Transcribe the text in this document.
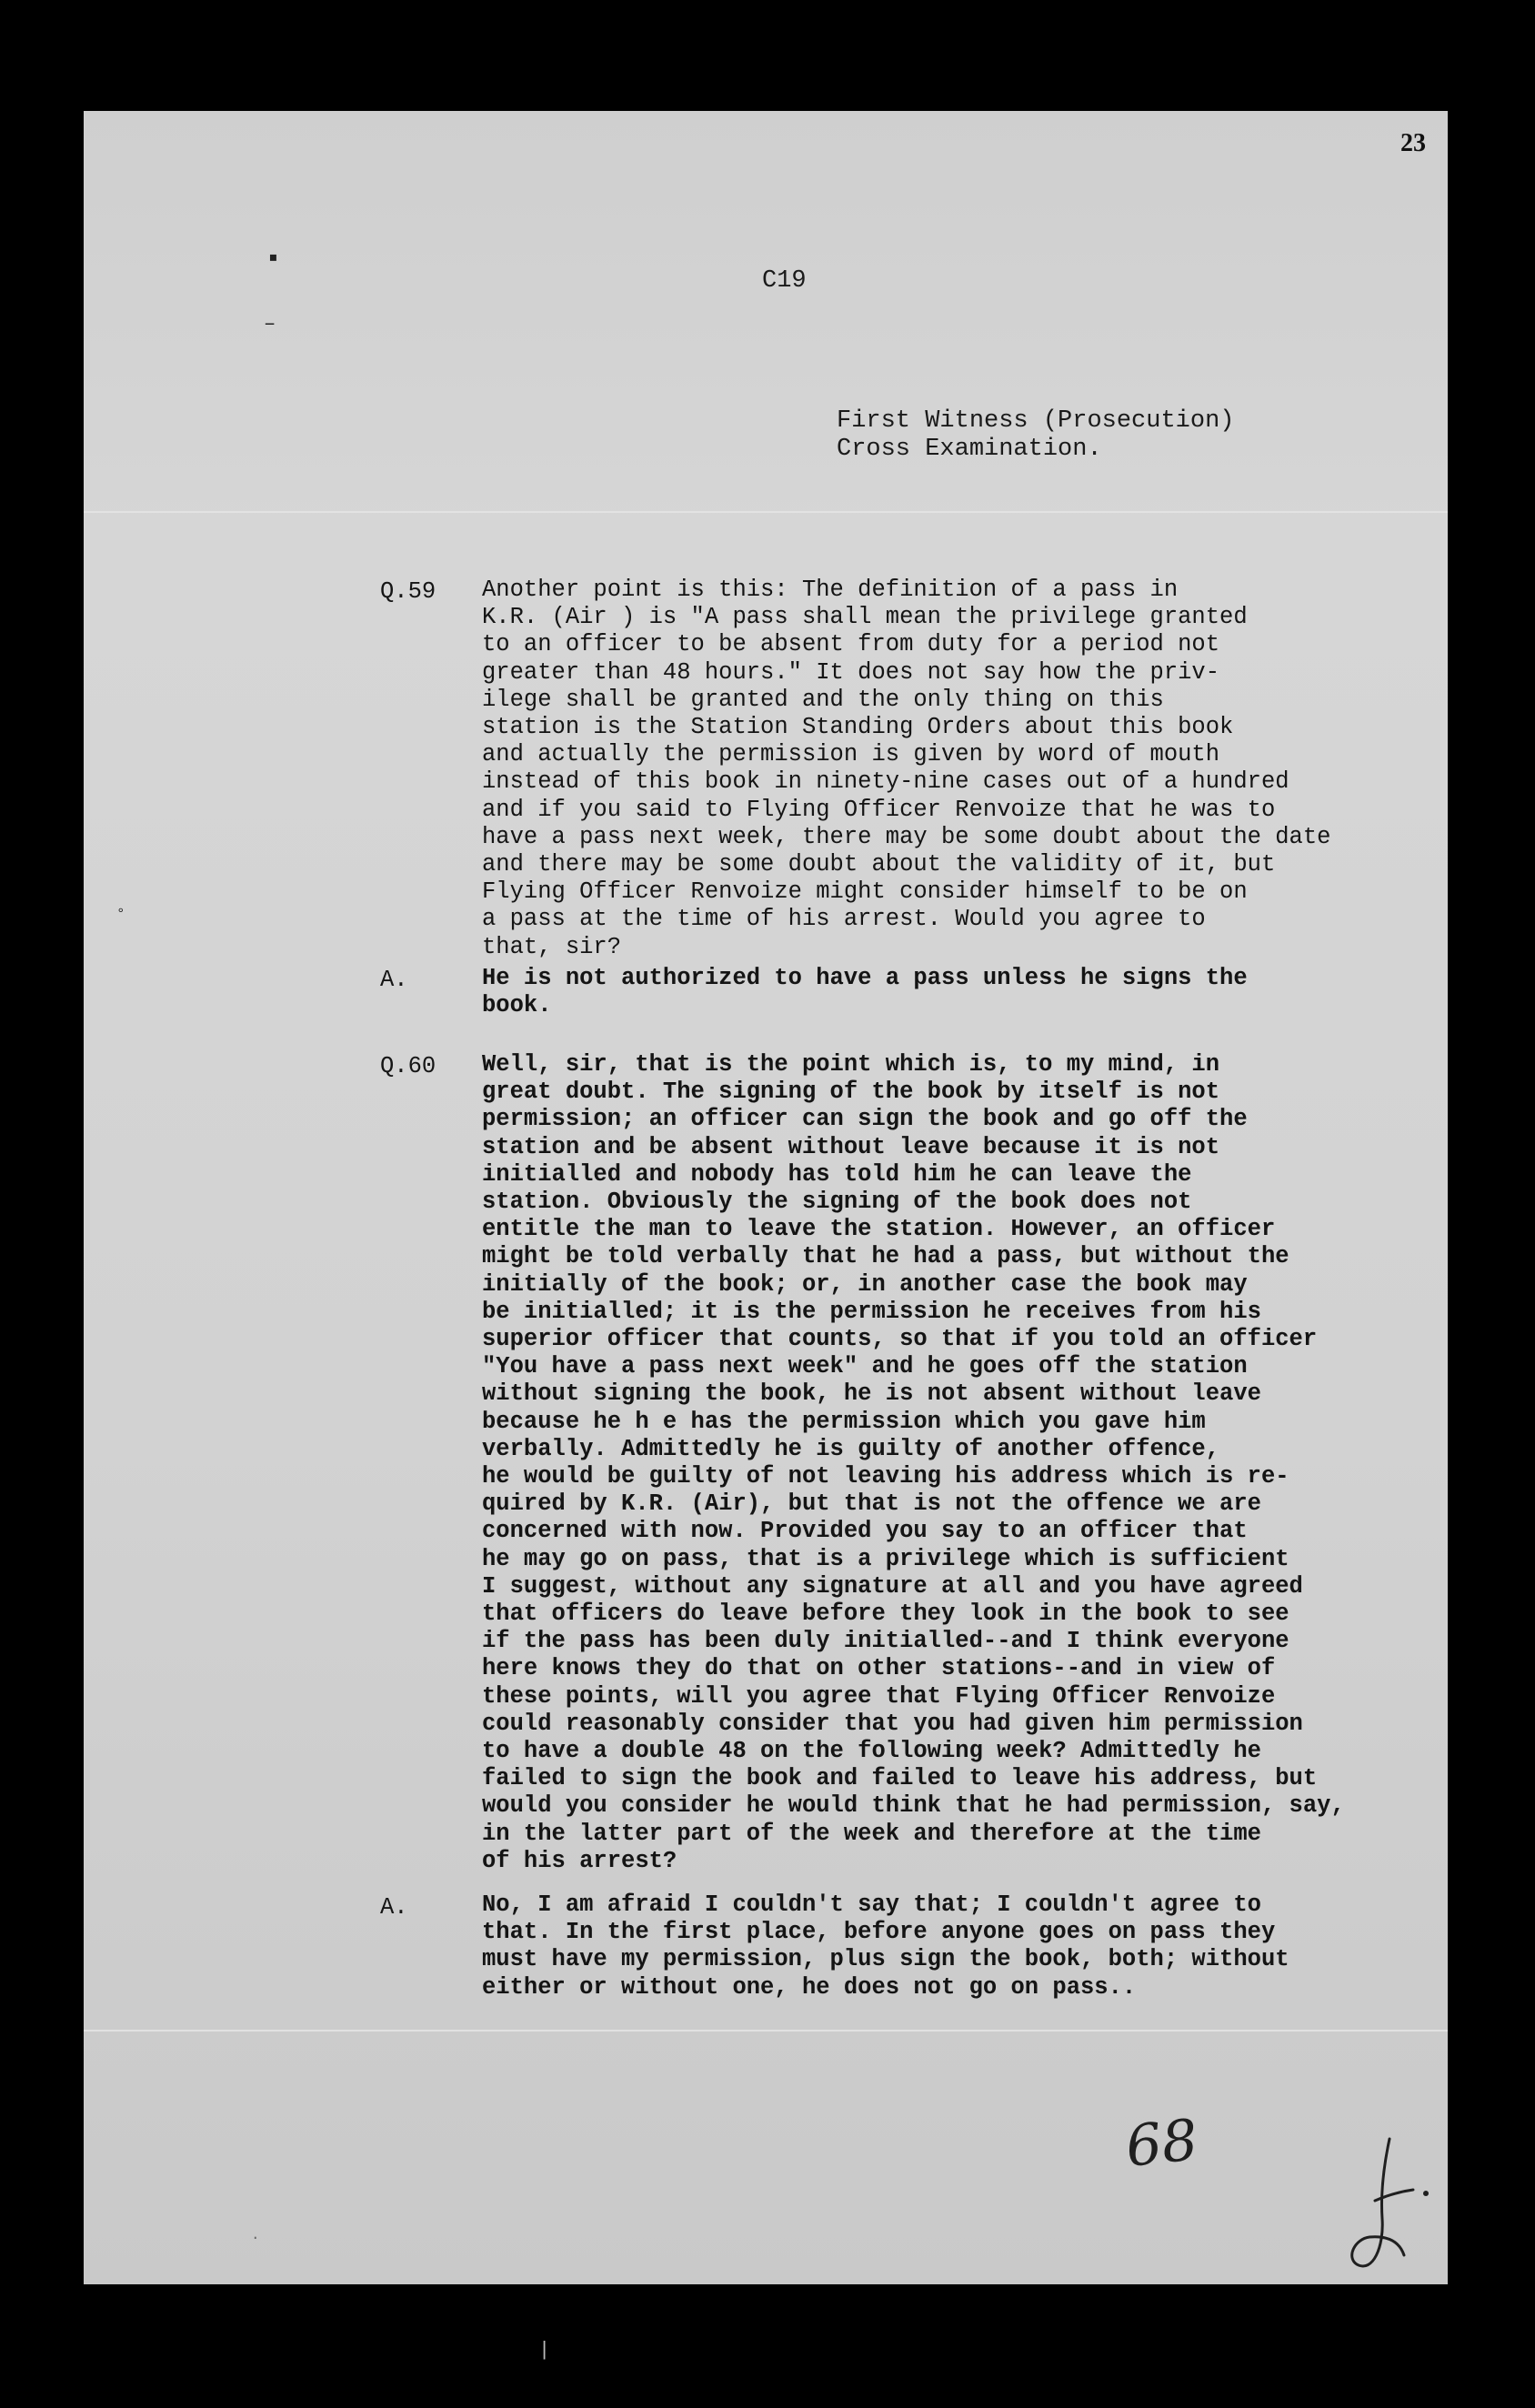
23
▪
‒
°
·
|
C19
First Witness (Prosecution)
Cross Examination.
Q.59 Another point is this: The definition of a pass in
K.R. (Air ) is "A pass shall mean the privilege granted
to an officer to be absent from duty for a period not
greater than 48 hours." It does not say how the priv-
ilege shall be granted and the only thing on this
station is the Station Standing Orders about this book
and actually the permission is given by word of mouth
instead of this book in ninety-nine cases out of a hundred
and if you said to Flying Officer Renvoize that he was to
have a pass next week, there may be some doubt about the date
and there may be some doubt about the validity of it, but
Flying Officer Renvoize might consider himself to be on
a pass at the time of his arrest. Would you agree to
that, sir?
A.	He is not authorized to have a pass unless he signs the
book.
Q.60 Well, sir, that is the point which is, to my mind, in
great doubt. The signing of the book by itself is not
permission; an officer can sign the book and go off the
station and be absent without leave because it is not
initialled and nobody has told him he can leave the
station. Obviously the signing of the book does not
entitle the man to leave the station. However, an officer
might be told verbally that he had a pass, but without the
initially of the book; or, in another case the book may
be initialled; it is the permission he receives from his
superior officer that counts, so that if you told an officer
"You have a pass next week" and he goes off the station
without signing the book, he is not absent without leave
because he h e has the permission which you gave him
verbally. Admittedly he is guilty of another offence,
he would be guilty of not leaving his address which is re-
quired by K.R. (Air), but that is not the offence we are
concerned with now. Provided you say to an officer that
he may go on pass, that is a privilege which is sufficient
I suggest, without any signature at all and you have agreed
that officers do leave before they look in the book to see
if the pass has been duly initialled--and I think everyone
here knows they do that on other stations--and in view of
these points, will you agree that Flying Officer Renvoize
could reasonably consider that you had given him permission
to have a double 48 on the following week? Admittedly he
failed to sign the book and failed to leave his address, but
would you consider he would think that he had permission, say,
in the latter part of the week and therefore at the time
of his arrest?
A.	No, I am afraid I couldn't say that; I couldn't agree to
that. In the first place, before anyone goes on pass they
must have my permission, plus sign the book, both; without
either or without one, he does not go on pass..
68
